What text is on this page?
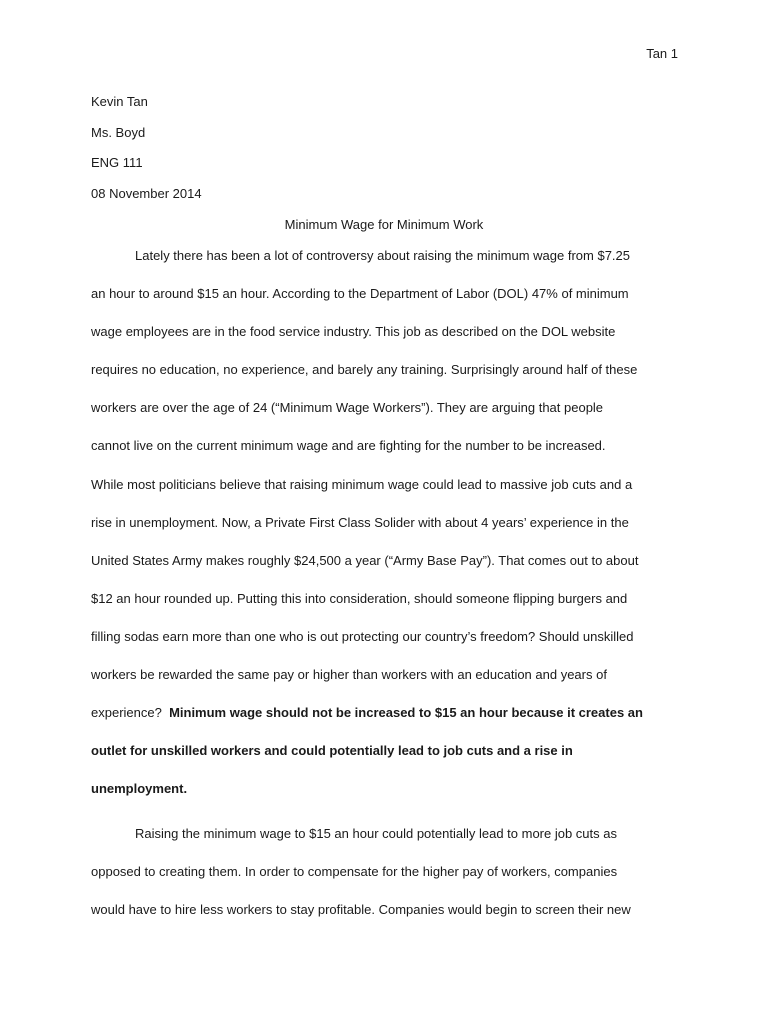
Tan 1
Kevin Tan
Ms. Boyd
ENG 111
08 November 2014
Minimum Wage for Minimum Work
Lately there has been a lot of controversy about raising the minimum wage from $7.25
an hour to around $15 an hour. According to the Department of Labor (DOL) 47% of minimum
wage employees are in the food service industry. This job as described on the DOL website
requires no education, no experience, and barely any training. Surprisingly around half of these
workers are over the age of 24 (“Minimum Wage Workers”). They are arguing that people
cannot live on the current minimum wage and are fighting for the number to be increased.
While most politicians believe that raising minimum wage could lead to massive job cuts and a
rise in unemployment. Now, a Private First Class Solider with about 4 years’ experience in the
United States Army makes roughly $24,500 a year (“Army Base Pay”). That comes out to about
$12 an hour rounded up. Putting this into consideration, should someone flipping burgers and
filling sodas earn more than one who is out protecting our country’s freedom? Should unskilled
workers be rewarded the same pay or higher than workers with an education and years of
experience?  Minimum wage should not be increased to $15 an hour because it creates an
outlet for unskilled workers and could potentially lead to job cuts and a rise in
unemployment.
Raising the minimum wage to $15 an hour could potentially lead to more job cuts as
opposed to creating them. In order to compensate for the higher pay of workers, companies
would have to hire less workers to stay profitable. Companies would begin to screen their new
